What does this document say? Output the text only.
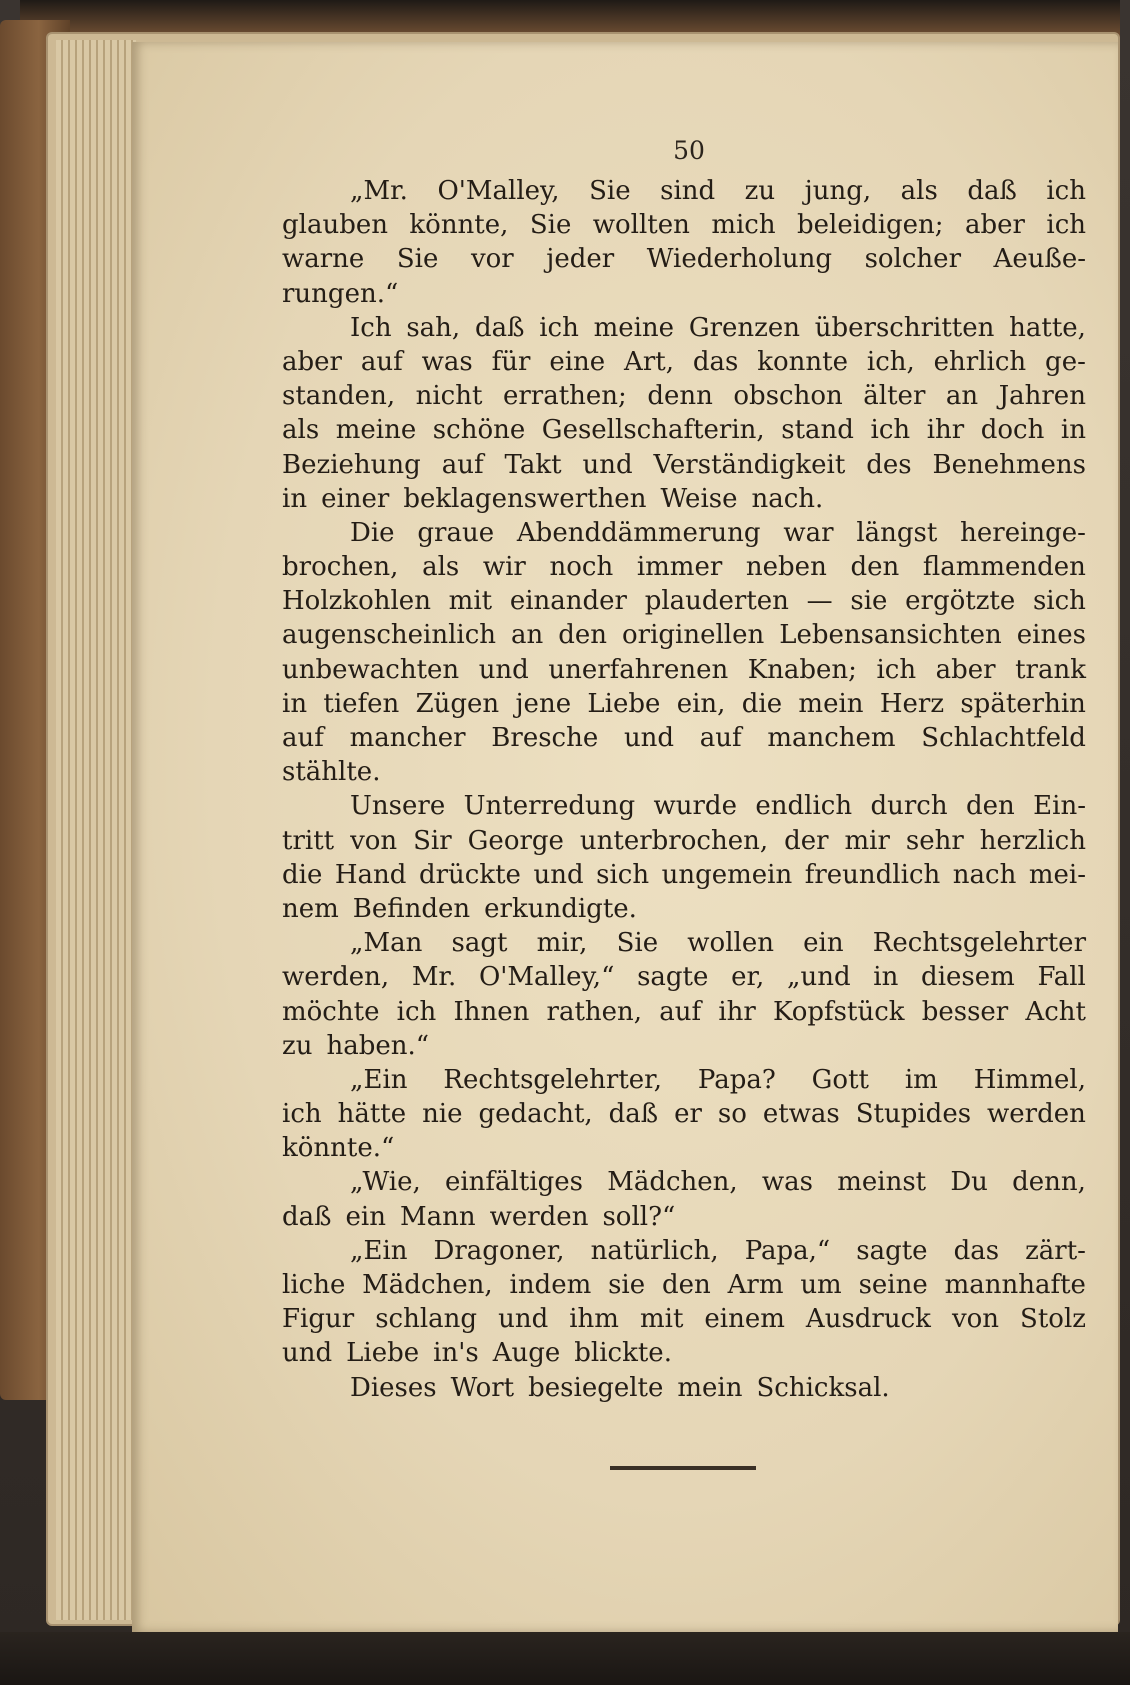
50
„Mr. O'Malley, Sie sind zu jung, als daß ich
glauben könnte, Sie wollten mich beleidigen; aber ich
warne Sie vor jeder Wiederholung solcher Aeuße-
rungen.“
Ich sah, daß ich meine Grenzen überschritten hatte,
aber auf was für eine Art, das konnte ich, ehrlich ge-
standen, nicht errathen; denn obschon älter an Jahren
als meine schöne Gesellschafterin, stand ich ihr doch in
Beziehung auf Takt und Verständigkeit des Benehmens
in einer beklagenswerthen Weise nach.
Die graue Abenddämmerung war längst hereinge-
brochen, als wir noch immer neben den flammenden
Holzkohlen mit einander plauderten — sie ergötzte sich
augenscheinlich an den originellen Lebensansichten eines
unbewachten und unerfahrenen Knaben; ich aber trank
in tiefen Zügen jene Liebe ein, die mein Herz späterhin
auf mancher Bresche und auf manchem Schlachtfeld
stählte.
Unsere Unterredung wurde endlich durch den Ein-
tritt von Sir George unterbrochen, der mir sehr herzlich
die Hand drückte und sich ungemein freundlich nach mei-
nem Befinden erkundigte.
„Man sagt mir, Sie wollen ein Rechtsgelehrter
werden, Mr. O'Malley,“ sagte er, „und in diesem Fall
möchte ich Ihnen rathen, auf ihr Kopfstück besser Acht
zu haben.“
„Ein Rechtsgelehrter, Papa? Gott im Himmel,
ich hätte nie gedacht, daß er so etwas Stupides werden
könnte.“
„Wie, einfältiges Mädchen, was meinst Du denn,
daß ein Mann werden soll?“
„Ein Dragoner, natürlich, Papa,“ sagte das zärt-
liche Mädchen, indem sie den Arm um seine mannhafte
Figur schlang und ihm mit einem Ausdruck von Stolz
und Liebe in's Auge blickte.
Dieses Wort besiegelte mein Schicksal.
